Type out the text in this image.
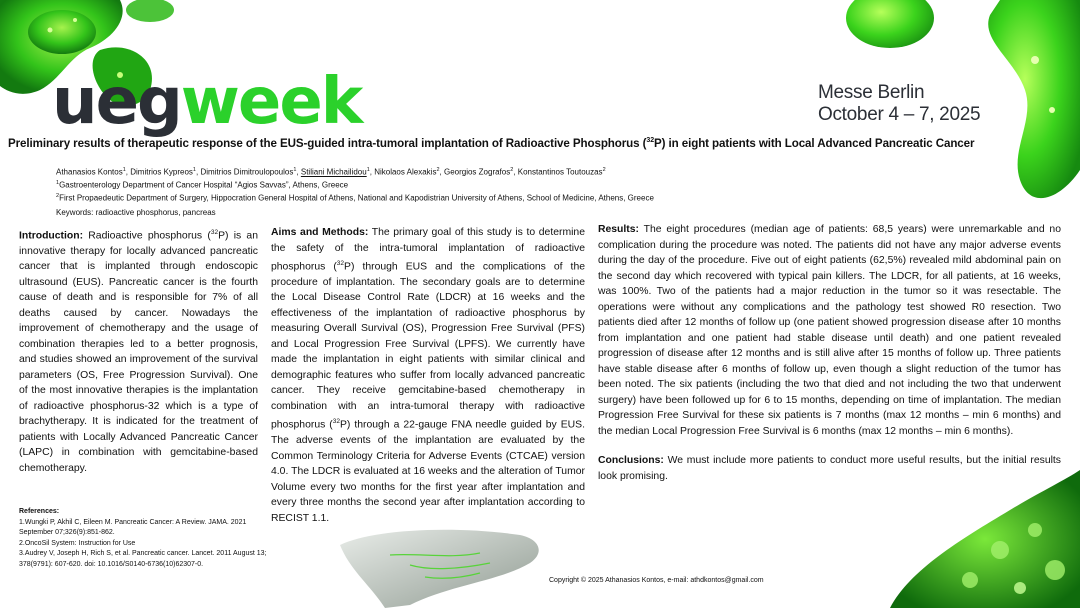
uegweek	Messe Berlin
October 4 – 7, 2025
Preliminary results of therapeutic response of the EUS-guided intra-tumoral implantation of Radioactive Phosphorus ($^{32}$P) in eight patients with Local Advanced Pancreatic Cancer
Athanasios Kontos$^1$, Dimitrios Kypreos$^1$, Dimitrios Dimitroulopoulos$^1$, Stiliani Michailidou$^1$, Nikolaos Alexakis$^2$, Georgios Zografos$^2$, Konstantinos Toutouzas$^2$
$^1$Gastroenterology Department of Cancer Hospital “Agios Savvas”, Athens, Greece
$^2$First Propaedeutic Department of Surgery, Hippocration General Hospital of Athens, National and Kapodistrian University of Athens, School of Medicine, Athens, Greece
Keywords: radioactive phosphorus, pancreas
Introduction: Radioactive phosphorus ($^{32}$P) is an innovative therapy for locally advanced pancreatic cancer that is implanted through endoscopic ultrasound (EUS). Pancreatic cancer is the fourth cause of death and is responsible for 7% of all deaths caused by cancer. Nowadays the improvement of chemotherapy and the usage of combination therapies led to a better prognosis, and studies showed an improvement of the survival parameters (OS, Free Progression Survival). One of the most innovative therapies is the implantation of radioactive phosphorus-32 which is a type of brachytherapy. It is indicated for the treatment of patients with Locally Advanced Pancreatic Cancer (LAPC) in combination with gemcitabine-based chemotherapy.
Aims and Methods: The primary goal of this study is to determine the safety of the intra-tumoral implantation of radioactive phosphorus ($^{32}$P) through EUS and the complications of the procedure of implantation. The secondary goals are to determine the Local Disease Control Rate (LDCR) at 16 weeks and the effectiveness of the implantation of radioactive phosphorus by measuring Overall Survival (OS), Progression Free Survival (PFS) and Local Progression Free Survival (LPFS). We currently have made the implantation in eight patients with similar clinical and demographic features who suffer from locally advanced pancreatic cancer. They receive gemcitabine-based chemotherapy in combination with an intra-tumoral therapy with radioactive phosphorus ($^{32}$P) through a 22-gauge FNA needle guided by EUS. The adverse events of the implantation are evaluated by the Common Terminology Criteria for Adverse Events (CTCAE) version 4.0. The LDCR is evaluated at 16 weeks and the alteration of Tumor Volume every two months for the first year after implantation and every three months the second year after implantation according to RECIST 1.1.

Results: The eight procedures (median age of patients: 68,5 years) were unremarkable and no complication during the procedure was noted. The patients did not have any major adverse events during the day of the procedure. Five out of eight patients (62,5%) revealed mild abdominal pain on the second day which recovered with typical pain killers. The LDCR, for all patients, at 16 weeks, was 100%. Two of the patients had a major reduction in the tumor so it was resectable. The operations were without any complications and the pathology test showed R0 resection. Two patients died after 12 months of follow up (one patient showed progression disease after 10 months from implantation and one patient had stable disease until death) and one patient revealed progression of disease after 12 months and is still alive after 15 months of follow up. Three patients have stable disease after 6 months of follow up, even though a slight reduction of the tumor has been noted. The six patients (including the two that died and not including the two that underwent surgery) have been followed up for 6 to 15 months, depending on time of implantation. The median Progression Free Survival for these six patients is 7 months (max 12 months – min 6 months) and the median Local Progression Free Survival is 6 months (max 12 months – min 6 months).

Conclusions: We must include more patients to conduct more useful results, but the initial results look promising.

References:
1.Wungki P, Akhil C, Eileen M. Pancreatic Cancer: A Review. JAMA. 2021 September 07;326(9):851-862.
2.OncoSil System: Instruction for Use
3.Audrey V, Joseph H, Rich S, et al. Pancreatic cancer. Lancet. 2011 August 13; 378(9791): 607-620. doi: 10.1016/S0140-6736(10)62307-0.
Copyright © 2025 Athanasios Kontos, e-mail: athdkontos@gmail.com
